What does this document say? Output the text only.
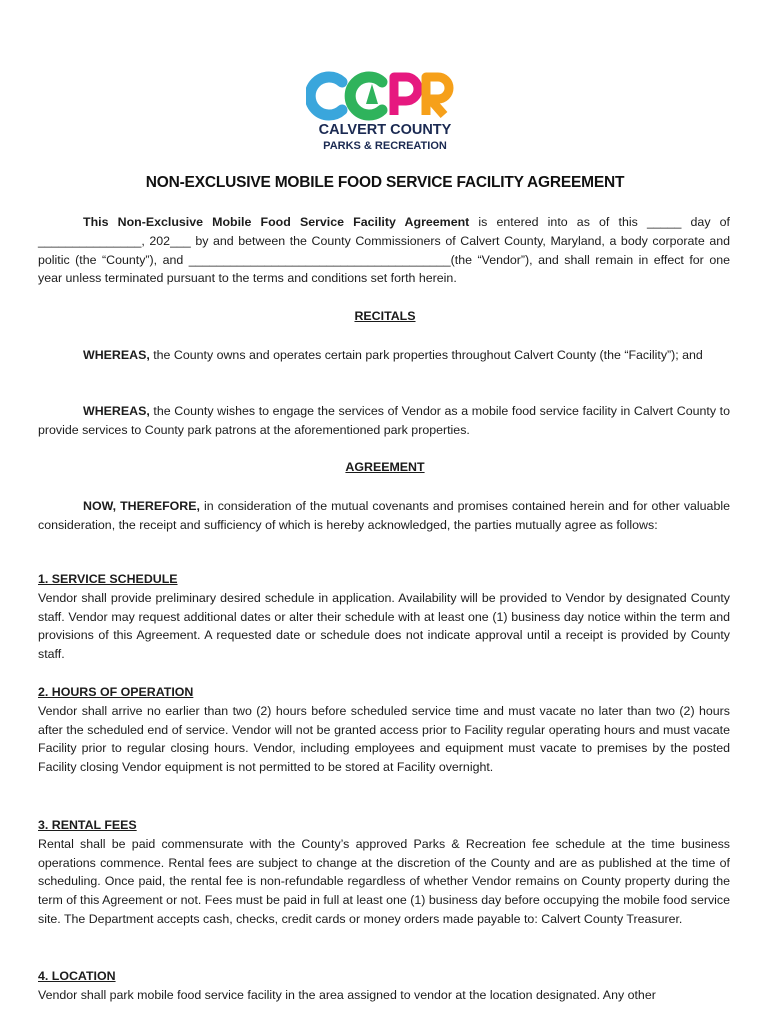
CALVERT COUNTY
PARKS & RECREATION
NON-EXCLUSIVE MOBILE FOOD SERVICE FACILITY AGREEMENT
This Non-Exclusive Mobile Food Service Facility Agreement is entered into as of this _____ day of _______________, 202___ by and between the County Commissioners of Calvert County, Maryland, a body corporate and politic (the “County”), and ______________________________________(the “Vendor”), and shall remain in effect for one year unless terminated pursuant to the terms and conditions set forth herein.
RECITALS
WHEREAS, the County owns and operates certain park properties throughout Calvert County (the “Facility”); and
WHEREAS, the County wishes to engage the services of Vendor as a mobile food service facility in Calvert County to provide services to County park patrons at the aforementioned park properties.
AGREEMENT
NOW, THEREFORE, in consideration of the mutual covenants and promises contained herein and for other valuable consideration, the receipt and sufficiency of which is hereby acknowledged, the parties mutually agree as follows:
1. SERVICE SCHEDULE
Vendor shall provide preliminary desired schedule in application. Availability will be provided to Vendor by designated County staff. Vendor may request additional dates or alter their schedule with at least one (1) business day notice within the term and provisions of this Agreement. A requested date or schedule does not indicate approval until a receipt is provided by County staff.
2. HOURS OF OPERATION
Vendor shall arrive no earlier than two (2) hours before scheduled service time and must vacate no later than two (2) hours after the scheduled end of service. Vendor will not be granted access prior to Facility regular operating hours and must vacate Facility prior to regular closing hours. Vendor, including employees and equipment must vacate to premises by the posted Facility closing Vendor equipment is not permitted to be stored at Facility overnight.
3. RENTAL FEES
Rental shall be paid commensurate with the County’s approved Parks & Recreation fee schedule at the time business operations commence. Rental fees are subject to change at the discretion of the County and are as published at the time of scheduling. Once paid, the rental fee is non-refundable regardless of whether Vendor remains on County property during the term of this Agreement or not. Fees must be paid in full at least one (1) business day before occupying the mobile food service site. The Department accepts cash, checks, credit cards or money orders made payable to: Calvert County Treasurer.
4. LOCATION
Vendor shall park mobile food service facility in the area assigned to vendor at the location designated. Any other
